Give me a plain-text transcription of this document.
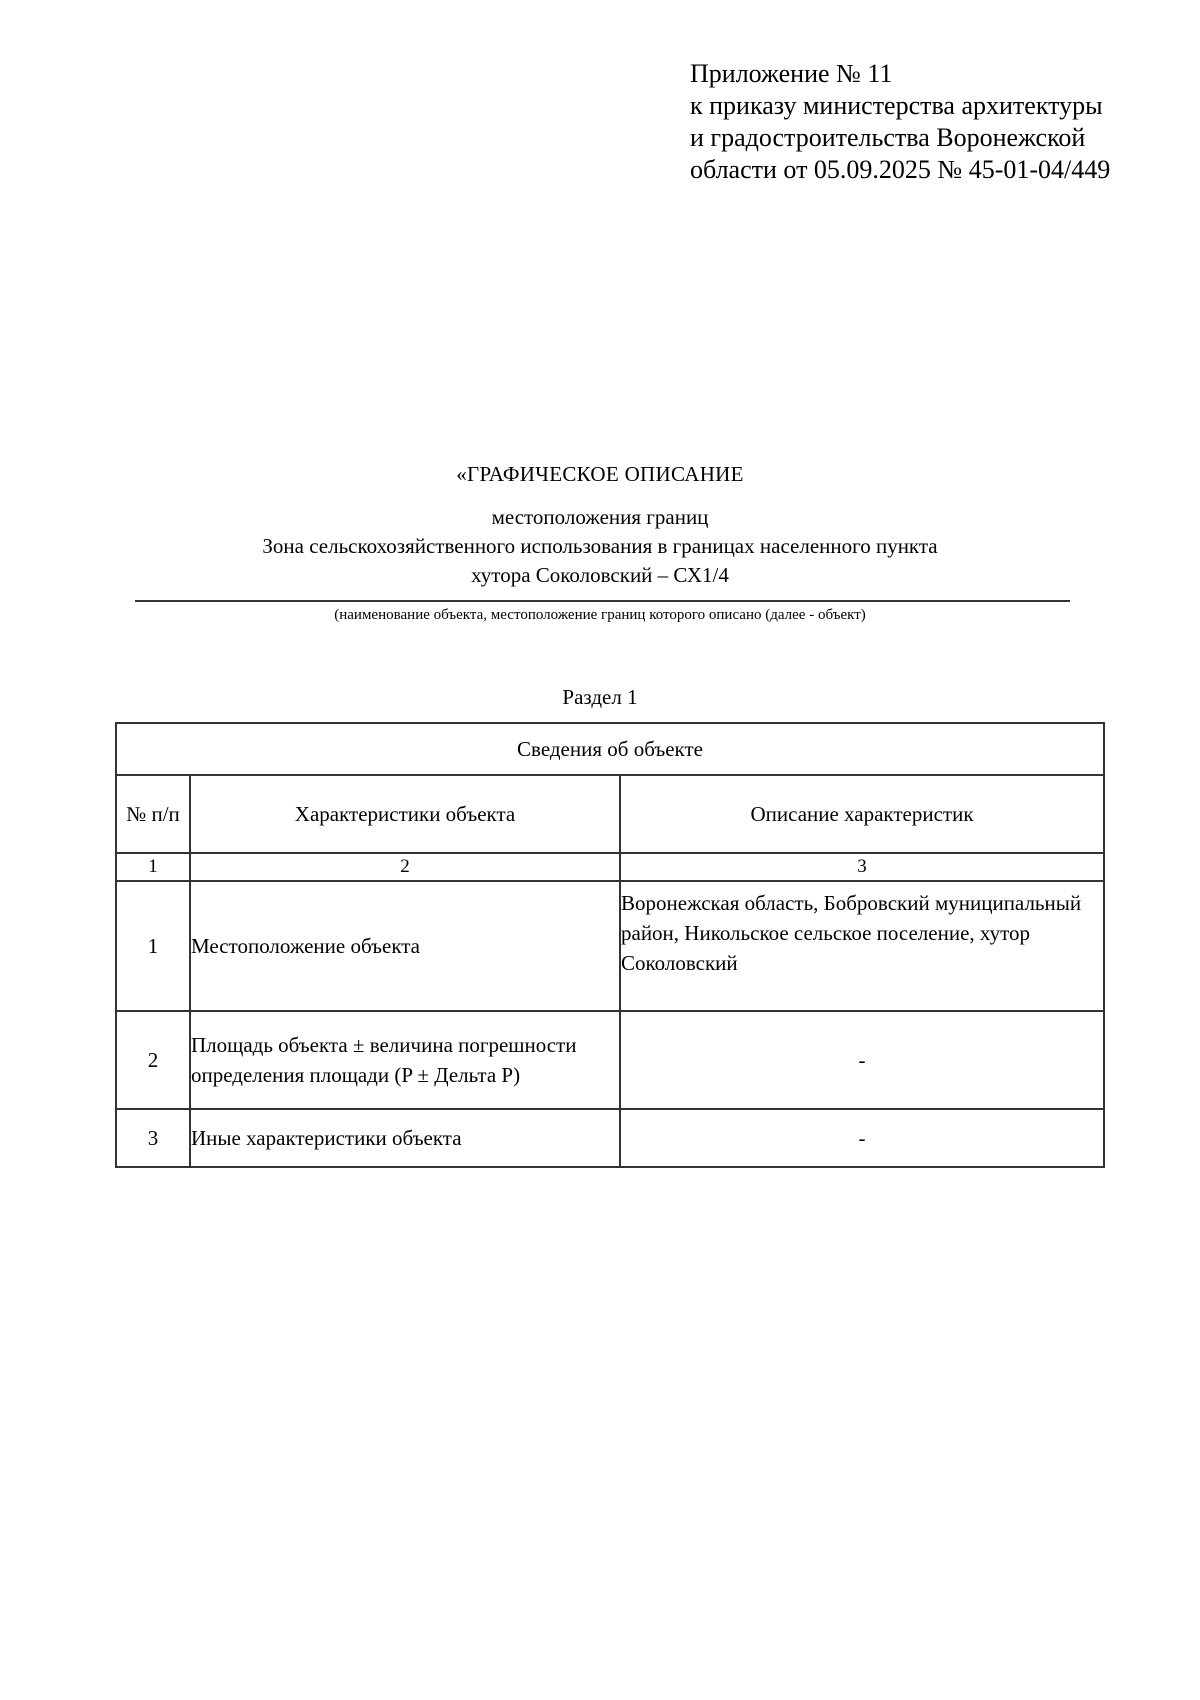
Приложение № 11
к приказу министерства архитектуры
и градостроительства Воронежской
области от 05.09.2025 № 45-01-04/449
«ГРАФИЧЕСКОЕ ОПИСАНИЕ
местоположения границ
Зона сельскохозяйственного использования в границах населенного пункта
хутора Соколовский – СХ1/4
(наименование объекта, местоположение границ которого описано (далее - объект)
Раздел 1
Сведения об объекте		
№ п/п	Характеристики объекта	Описание характеристик
1	2	3
1	Местоположение объекта	Воронежская область, Бобровский муниципальный район, Никольское сельское поселение, хутор Соколовский
2	Площадь объекта ± величина погрешности определения площади (P ± Дельта P)	-
3	Иные характеристики объекта	-
